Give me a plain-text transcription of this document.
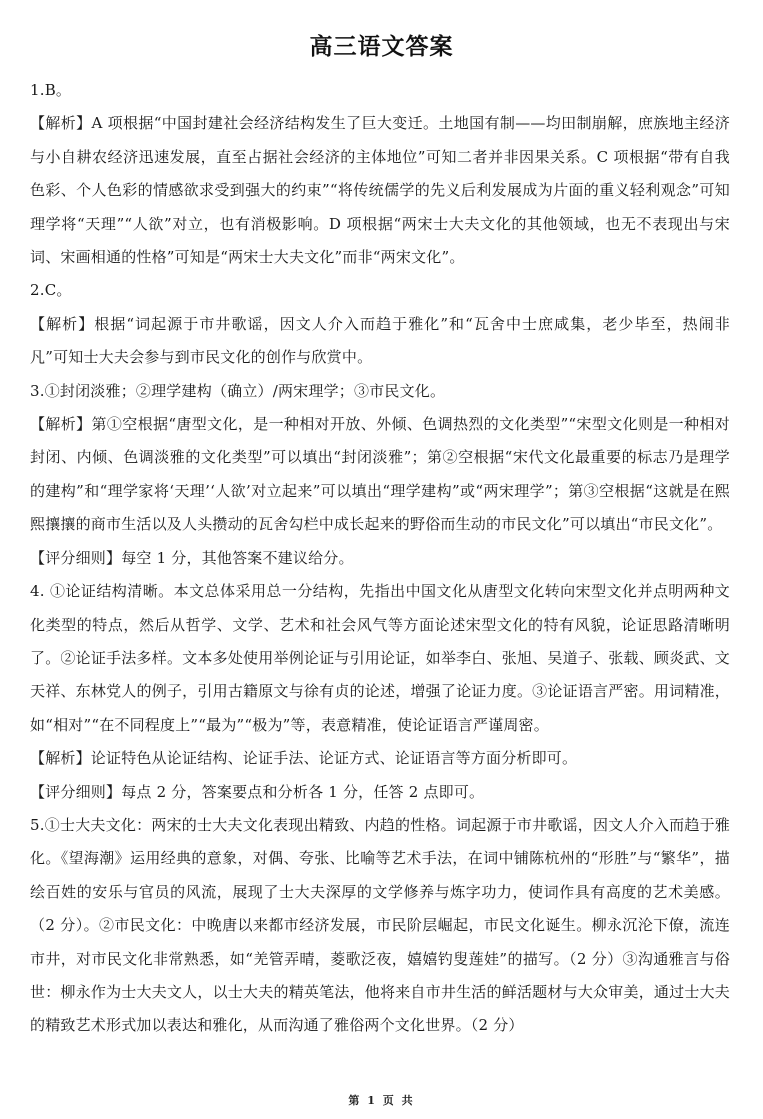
高三语文答案

1.B。

【解析】A 项根据“中国封建社会经济结构发生了巨大变迁。土地国有制——均田制崩解，庶族地主经济与小自耕农经济迅速发展，直至占据社会经济的主体地位”可知二者并非因果关系。C 项根据“带有自我色彩、个人色彩的情感欲求受到强大的约束”“将传统儒学的先义后利发展成为片面的重义轻利观念”可知理学将“天理”“人欲”对立，也有消极影响。D 项根据“两宋士大夫文化的其他领域，也无不表现出与宋词、宋画相通的性格”可知是“两宋士大夫文化”而非“两宋文化”。

2.C。

【解析】根据“词起源于市井歌谣，因文人介入而趋于雅化”和“瓦舍中士庶咸集，老少毕至，热闹非凡”可知士大夫会参与到市民文化的创作与欣赏中。

3.①封闭淡雅；②理学建构（确立）/两宋理学；③市民文化。

【解析】第①空根据“唐型文化，是一种相对开放、外倾、色调热烈的文化类型”“宋型文化则是一种相对封闭、内倾、色调淡雅的文化类型”可以填出“封闭淡雅”；第②空根据“宋代文化最重要的标志乃是理学的建构”和“理学家将‘天理’‘人欲’对立起来”可以填出“理学建构”或“两宋理学”；第③空根据“这就是在熙熙攘攘的商市生活以及人头攒动的瓦舍勾栏中成长起来的野俗而生动的市民文化”可以填出“市民文化”。

【评分细则】每空 1 分，其他答案不建议给分。

4. ①论证结构清晰。本文总体采用总一分结构，先指出中国文化从唐型文化转向宋型文化并点明两种文化类型的特点，然后从哲学、文学、艺术和社会风气等方面论述宋型文化的特有风貌，论证思路清晰明了。②论证手法多样。文本多处使用举例论证与引用论证，如举李白、张旭、吴道子、张载、顾炎武、文天祥、东林党人的例子，引用古籍原文与徐有贞的论述，增强了论证力度。③论证语言严密。用词精准，如“相对”“在不同程度上”“最为”“极为”等，表意精准，使论证语言严谨周密。

【解析】论证特色从论证结构、论证手法、论证方式、论证语言等方面分析即可。

【评分细则】每点 2 分，答案要点和分析各 1 分，任答 2 点即可。

5.①士大夫文化：两宋的士大夫文化表现出精致、内趋的性格。词起源于市井歌谣，因文人介入而趋于雅化。《望海潮》运用经典的意象，对偶、夸张、比喻等艺术手法，在词中铺陈杭州的“形胜”与“繁华”，描绘百姓的安乐与官员的风流，展现了士大夫深厚的文学修养与炼字功力，使词作具有高度的艺术美感。（2 分）。②市民文化：中晚唐以来都市经济发展，市民阶层崛起，市民文化诞生。柳永沉沦下僚，流连市井，对市民文化非常熟悉，如“羌管弄晴，菱歌泛夜，嬉嬉钓叟莲娃”的描写。（2 分）③沟通雅言与俗世：柳永作为士大夫文人，以士大夫的精英笔法，他将来自市井生活的鲜活题材与大众审美，通过士大夫的精致艺术形式加以表达和雅化，从而沟通了雅俗两个文化世界。（2 分）

第 1 页 共
